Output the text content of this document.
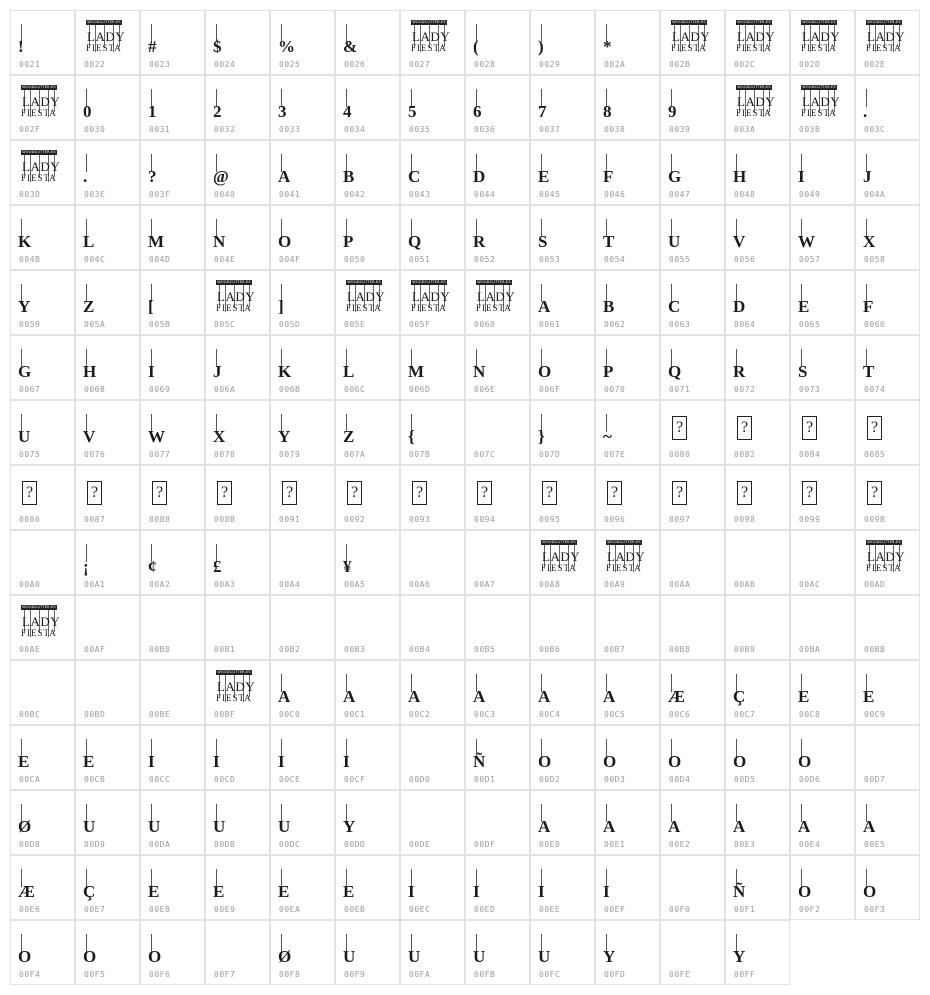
!
0021
WOODCUTTER.ES
LADY
FIESTA
0022
#
0023
$
0024
%
0025
&
0026
WOODCUTTER.ES
LADY
FIESTA
0027
(
0028
)
0029
*
002A
WOODCUTTER.ES
LADY
FIESTA
002B
WOODCUTTER.ES
LADY
FIESTA
002C
WOODCUTTER.ES
LADY
FIESTA
002D
WOODCUTTER.ES
LADY
FIESTA
002E
WOODCUTTER.ES
LADY
FIESTA
002F
0
0030
1
0031
2
0032
3
0033
4
0034
5
0035
6
0036
7
0037
8
0038
9
0039
WOODCUTTER.ES
LADY
FIESTA
003A
WOODCUTTER.ES
LADY
FIESTA
003B
.
003C
WOODCUTTER.ES
LADY
FIESTA
003D
.
003E
?
003F
@
0040
A
0041
B
0042
C
0043
D
0044
E
0045
F
0046
G
0047
H
0048
I
0049
J
004A
K
004B
L
004C
M
004D
N
004E
O
004F
P
0050
Q
0051
R
0052
S
0053
T
0054
U
0055
V
0056
W
0057
X
0058
Y
0059
Z
005A
[
005B
WOODCUTTER.ES
LADY
FIESTA
005C
]
005D
WOODCUTTER.ES
LADY
FIESTA
005E
WOODCUTTER.ES
LADY
FIESTA
005F
WOODCUTTER.ES
LADY
FIESTA
0060
A
0061
B
0062
C
0063
D
0064
E
0065
F
0066
G
0067
H
0068
I
0069
J
006A
K
006B
L
006C
M
006D
N
006E
O
006F
P
0070
Q
0071
R
0072
S
0073
T
0074
U
0075
V
0076
W
0077
X
0078
Y
0079
Z
007A
{
007B	007C
}
007D
~
007E
?
0080
?
0082
?
0084
?
0085
?
0086
?
0087
?
0088
?
008B
?
0091
?
0092
?
0093
?
0094
?
0095
?
0096
?
0097
?
0098
?
0099
?
009B
00A0
¡
00A1
¢
00A2
£
00A3	00A4
¥
00A5	00A6	00A7
WOODCUTTER.ES
LADY
FIESTA
00A8
WOODCUTTER.ES
LADY
FIESTA
00A9	00AA	00AB	00AC
WOODCUTTER.ES
LADY
FIESTA
00AD
WOODCUTTER.ES
LADY
FIESTA
00AE	00AF	00B0	00B1	00B2	00B3	00B4	00B5	00B6	00B7	00B8	00B9	00BA	00BB
00BC	00BD	00BE
WOODCUTTER.ES
LADY
FIESTA
00BF
A
00C0
A
00C1
A
00C2
A
00C3
A
00C4
A
00C5
Æ
00C6
Ç
00C7
E
00C8
E
00C9
E
00CA
E
00CB
I
00CC
I
00CD
I
00CE
I
00CF	00D0
Ñ
00D1
O
00D2
O
00D3
O
00D4
O
00D5
O
00D6	00D7
Ø
00D8
U
00D9
U
00DA
U
00DB
U
00DC
Y
00DD	00DE	00DF
A
00E0
A
00E1
A
00E2
A
00E3
A
00E4
A
00E5
Æ
00E6
Ç
00E7
E
00E8
E
00E9
E
00EA
E
00EB
I
00EC
I
00ED
I
00EE
I
00EF	00F0
Ñ
00F1
O
00F2
O
00F3
O
00F4
O
00F5
O
00F6	00F7
Ø
00F8
U
00F9
U
00FA
U
00FB
U
00FC
Y
00FD	00FE
Y
00FF
